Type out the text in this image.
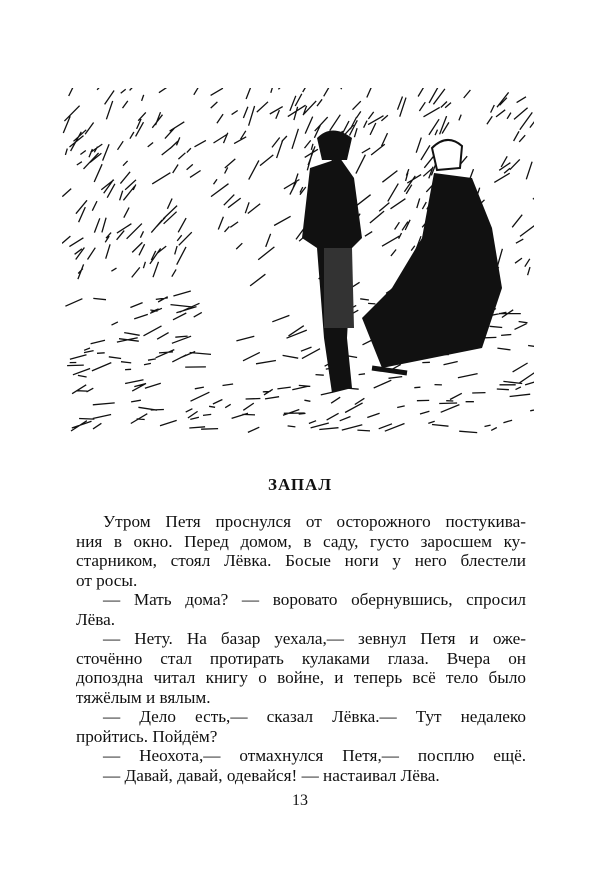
ЗАПАЛ
Утром Петя проснулся от осторожного постукива-
ния в окно. Перед домом, в саду, густо заросшем ку-
старником, стоял Лёвка. Босые ноги у него блестели
от росы.
— Мать дома? — воровато обернувшись, спросил
Лёва.
— Нету. На базар уехала,— зевнул Петя и оже-
сточённо стал протирать кулаками глаза. Вчера он
допоздна читал книгу о войне, и теперь всё тело было
тяжёлым и вялым.
— Дело есть,— сказал Лёвка.— Тут недалеко
пройтись. Пойдём?
— Неохота,— отмахнулся Петя,— посплю ещё.
— Давай, давай, одевайся! — настаивал Лёва.
13
